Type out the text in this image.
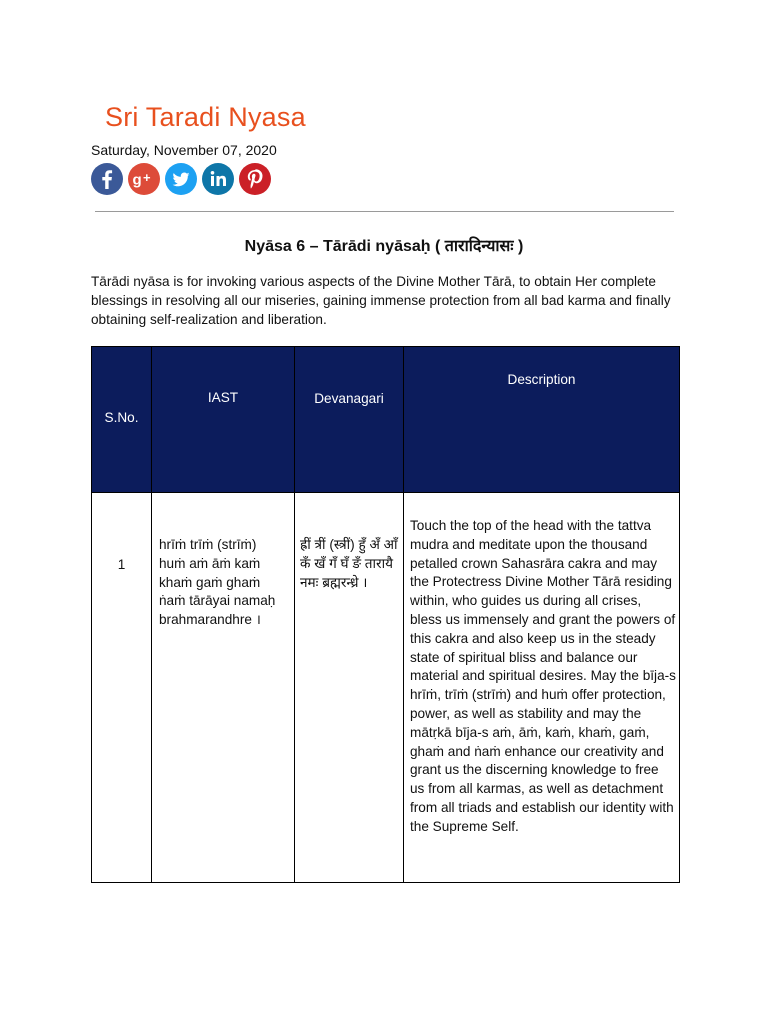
Sri Taradi Nyasa
Saturday, November 07, 2020
g +
Nyāsa 6 – Tārādi nyāsaḥ ( तारादिन्यासः )
Tārādi nyāsa is for invoking various aspects of the Divine Mother Tārā, to obtain Her complete blessings in resolving all our miseries, gaining immense protection from all bad karma and finally obtaining self-realization and liberation.
S.No.	IAST	Devanagari	Description

1	hrīṁ trīṁ (strīṁ) huṁ aṁ āṁ kaṁ khaṁ gaṁ ghaṁ ṅaṁ tārāyai namaḥ brahmarandhre ।	ह्रीं त्रीं (स्त्रीं) हुँ अँ आँ कँ खँ गँ घँ ङँ तारायै नमः ब्रह्मरन्ध्रे ।	Touch the top of the head with the tattva mudra and meditate upon the thousand petalled crown Sahasrāra cakra and may the Protectress Divine Mother Tārā residing within, who guides us during all crises, bless us immensely and grant the powers of this cakra and also keep us in the steady state of spiritual bliss and balance our material and spiritual desires. May the bīja-s hrīṁ, trīṁ (strīṁ) and huṁ offer protection, power, as well as stability and may the mātṛkā bīja-s aṁ, āṁ, kaṁ, khaṁ, gaṁ, ghaṁ and ṅaṁ enhance our creativity and grant us the discerning knowledge to free us from all karmas, as well as detachment from all triads and establish our identity with the Supreme Self.
